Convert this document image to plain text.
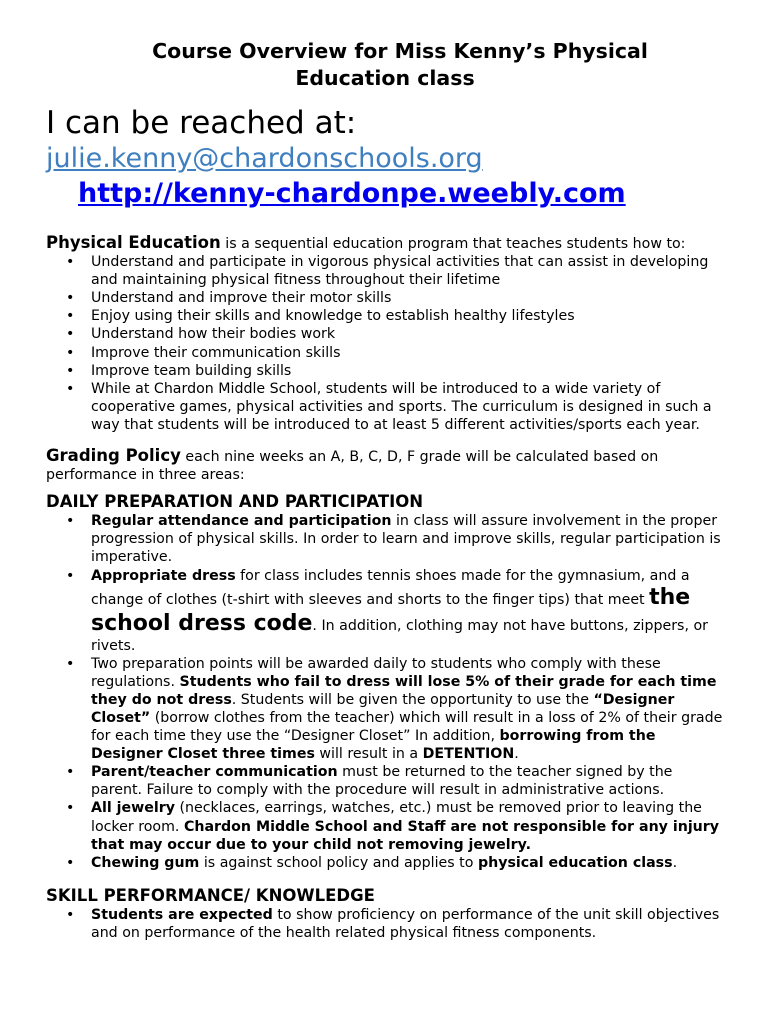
Course Overview for Miss Kenny’s Physical
Education class
I can be reached at:
julie.kenny@chardonschools.org
http://kenny-chardonpe.weebly.com

Physical Education is a sequential education program that teaches students how to:

• Understand and participate in vigorous physical activities that can assist in developing and maintaining physical fitness throughout their lifetime
• Understand and improve their motor skills
• Enjoy using their skills and knowledge to establish healthy lifestyles
• Understand how their bodies work
• Improve their communication skills
• Improve team building skills
• While at Chardon Middle School, students will be introduced to a wide variety of cooperative games, physical activities and sports. The curriculum is designed in such a way that students will be introduced to at least 5 different activities/sports each year.

Grading Policy each nine weeks an A, B, C, D, F grade will be calculated based on performance in three areas:

DAILY PREPARATION AND PARTICIPATION

• Regular attendance and participation in class will assure involvement in the proper progression of physical skills. In order to learn and improve skills, regular participation is imperative.
• Appropriate dress for class includes tennis shoes made for the gymnasium, and a change of clothes (t-shirt with sleeves and shorts to the finger tips) that meet the school dress code. In addition, clothing may not have buttons, zippers, or rivets.
• Two preparation points will be awarded daily to students who comply with these regulations. Students who fail to dress will lose 5% of their grade for each time they do not dress. Students will be given the opportunity to use the “Designer Closet” (borrow clothes from the teacher) which will result in a loss of 2% of their grade for each time they use the “Designer Closet” In addition, borrowing from the Designer Closet three times will result in a DETENTION.
• Parent/teacher communication must be returned to the teacher signed by the parent. Failure to comply with the procedure will result in administrative actions.
• All jewelry (necklaces, earrings, watches, etc.) must be removed prior to leaving the locker room. Chardon Middle School and Staff are not responsible for any injury that may occur due to your child not removing jewelry.
• Chewing gum is against school policy and applies to physical education class.

SKILL PERFORMANCE/ KNOWLEDGE

• Students are expected to show proficiency on performance of the unit skill objectives and on performance of the health related physical fitness components.
